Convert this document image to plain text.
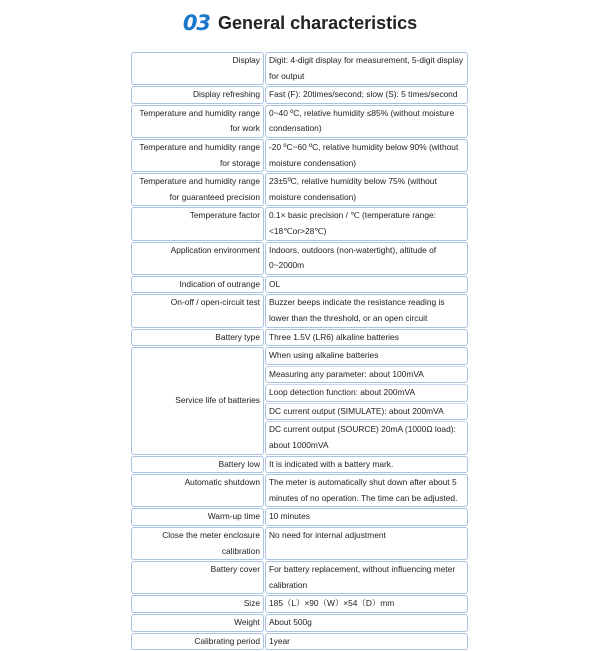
03 General characteristics
Display	Digit: 4-digit display for measurement, 5-digit display for output
Display refreshing	Fast (F): 20times/second; slow (S): 5 times/second
Temperature and humidity range for work	0~40 ºC, relative humidity ≤85% (without moisture condensation)
Temperature and humidity range for storage	-20 ºC~60 ºC, relative humidity below 90% (without moisture condensation)
Temperature and humidity range for guaranteed precision	23±5ºC, relative humidity below 75% (without moisture condensation)
Temperature factor	0.1× basic precision / ℃ (temperature range: <18℃or>28℃)
Application environment	Indoors, outdoors (non-watertight), altitude of 0~2000m
Indication of outrange	OL
On-off / open-circuit test	Buzzer beeps indicate the resistance reading is lower than the threshold, or an open circuit
Battery type	Three 1.5V (LR6) alkaline batteries
Service life of batteries	When using alkaline batteries
	Measuring any parameter: about 100mVA
	Loop detection function: about 200mVA
	DC current output (SIMULATE): about 200mVA
	DC current output (SOURCE) 20mA (1000Ω load): about 1000mVA
Battery low	It is indicated with a battery mark.
Automatic shutdown	The meter is automatically shut down after about 5 minutes of no operation. The time can be adjusted.
Warm-up time	10 minutes
Close the meter enclosure calibration	No need for internal adjustment
Battery cover	For battery replacement, without influencing meter calibration
Size	185（L）×90（W）×54（D）mm
Weight	About 500g
Calibrating period	1year
